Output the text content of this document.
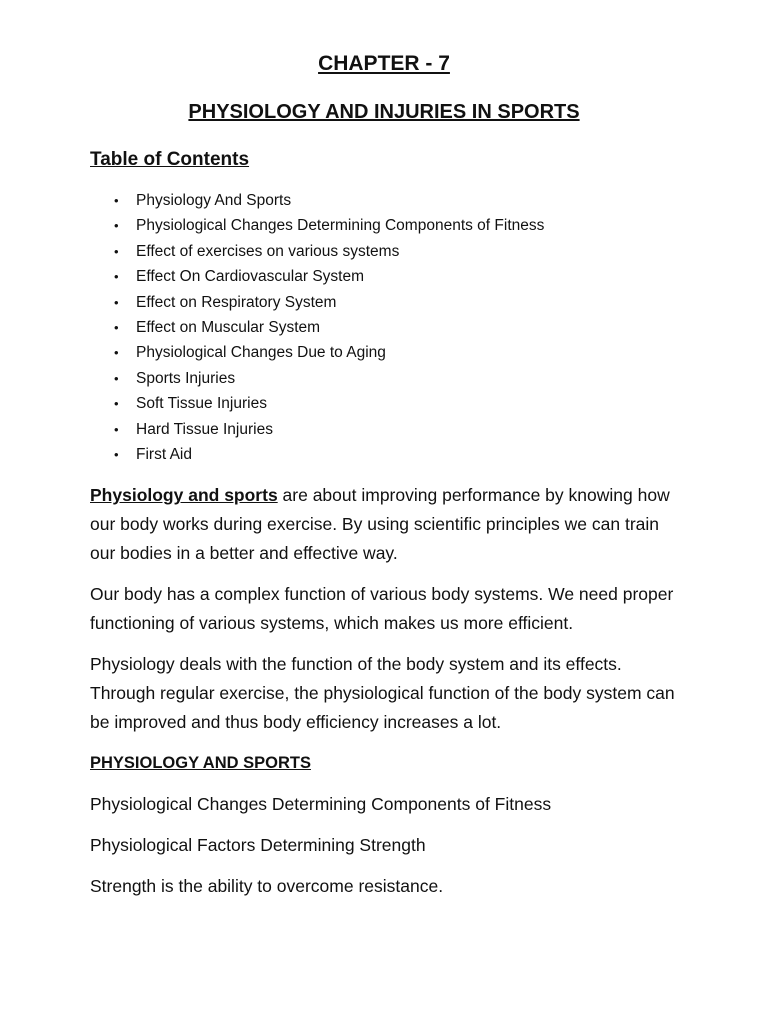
CHAPTER - 7
PHYSIOLOGY AND INJURIES IN SPORTS
Table of Contents
•	Physiology And Sports
•	Physiological Changes Determining Components of Fitness
•	Effect of exercises on various systems
•	Effect On Cardiovascular System
•	Effect on Respiratory System
•	Effect on Muscular System
•	Physiological Changes Due to Aging
•	Sports Injuries
•	Soft Tissue Injuries
•	Hard Tissue Injuries
•	First Aid

Physiology and sports are about improving performance by knowing how our body works during exercise. By using scientific principles we can train our bodies in a better and effective way.

Our body has a complex function of various body systems. We need proper functioning of various systems, which makes us more efficient.

Physiology deals with the function of the body system and its effects. Through regular exercise, the physiological function of the body system can be improved and thus body efficiency increases a lot.

PHYSIOLOGY AND SPORTS

Physiological Changes Determining Components of Fitness

Physiological Factors Determining Strength

Strength is the ability to overcome resistance.
